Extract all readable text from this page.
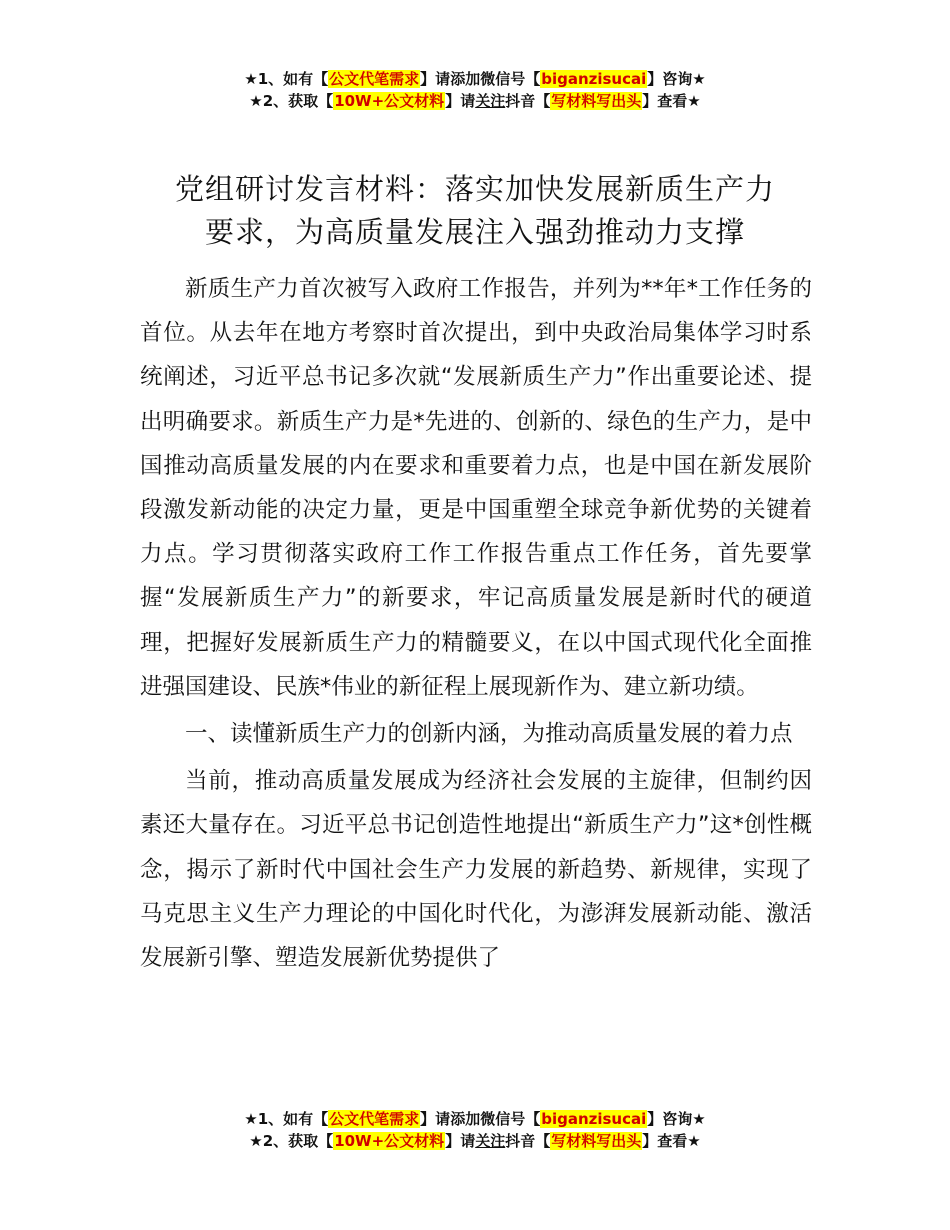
★1、如有【公文代笔需求】请添加微信号【biganzisucai】咨询★
★2、获取【10W+公文材料】请关注抖音【写材料写出头】查看★
党组研讨发言材料：落实加快发展新质生产力
要求，为高质量发展注入强劲推动力支撑

新质生产力首次被写入政府工作报告，并列为**年*工作任务的首位。从去年在地方考察时首次提出，到中央政治局集体学习时系统阐述，习近平总书记多次就“发展新质生产力”作出重要论述、提出明确要求。新质生产力是*先进的、创新的、绿色的生产力，是中国推动高质量发展的内在要求和重要着力点，也是中国在新发展阶段激发新动能的决定力量，更是中国重塑全球竞争新优势的关键着力点。学习贯彻落实政府工作工作报告重点工作任务，首先要掌握“发展新质生产力”的新要求，牢记高质量发展是新时代的硬道理，把握好发展新质生产力的精髓要义，在以中国式现代化全面推进强国建设、民族*伟业的新征程上展现新作为、建立新功绩。

一、读懂新质生产力的创新内涵，为推动高质量发展的着力点

当前，推动高质量发展成为经济社会发展的主旋律，但制约因素还大量存在。习近平总书记创造性地提出“新质生产力”这*创性概念，揭示了新时代中国社会生产力发展的新趋势、新规律，实现了马克思主义生产力理论的中国化时代化，为澎湃发展新动能、激活发展新引擎、塑造发展新优势提供了

★1、如有【公文代笔需求】请添加微信号【biganzisucai】咨询★
★2、获取【10W+公文材料】请关注抖音【写材料写出头】查看★
